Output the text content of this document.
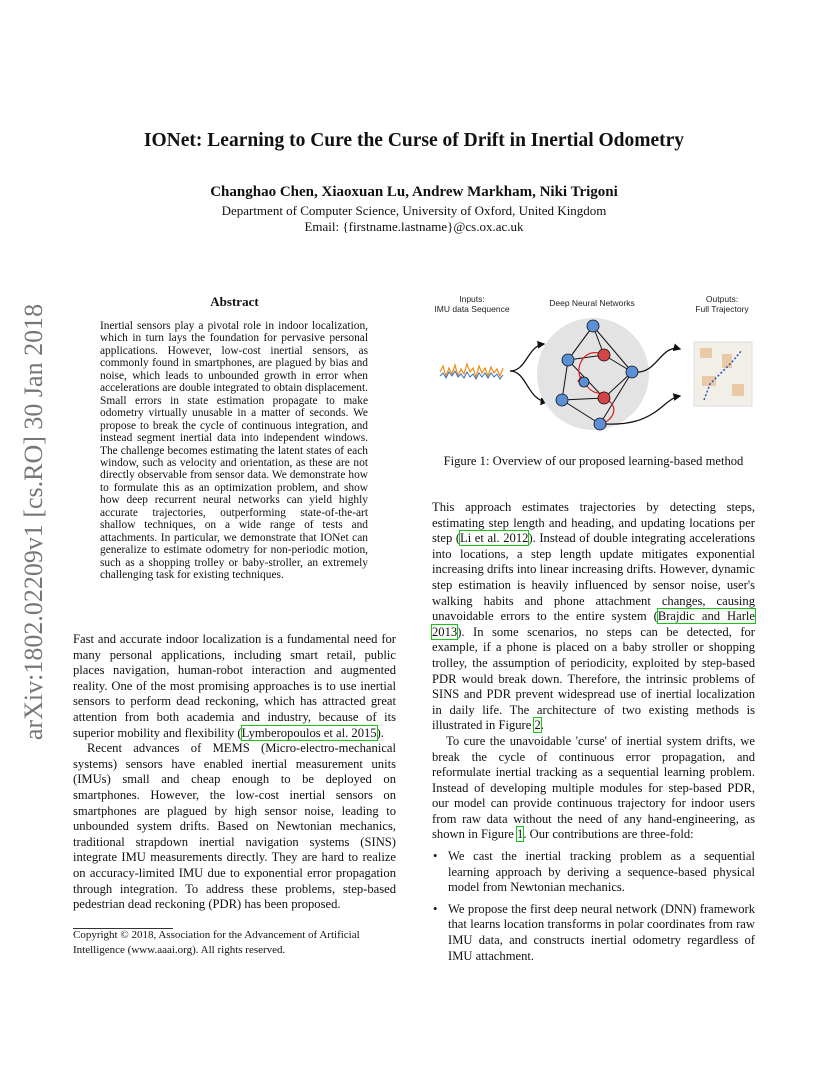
IONet: Learning to Cure the Curse of Drift in Inertial Odometry
Changhao Chen, Xiaoxuan Lu, Andrew Markham, Niki Trigoni
Department of Computer Science, University of Oxford, United Kingdom
Email: {firstname.lastname}@cs.ox.ac.uk
arXiv:1802.02209v1 [cs.RO] 30 Jan 2018
Abstract
Inertial sensors play a pivotal role in indoor localization, which in turn lays the foundation for pervasive personal applications. However, low-cost inertial sensors, as commonly found in smartphones, are plagued by bias and noise, which leads to unbounded growth in error when accelerations are double integrated to obtain displacement. Small errors in state estimation propagate to make odometry virtually unusable in a matter of seconds. We propose to break the cycle of continuous integration, and instead segment inertial data into independent windows. The challenge becomes estimating the latent states of each window, such as velocity and orientation, as these are not directly observable from sensor data. We demonstrate how to formulate this as an optimization problem, and show how deep recurrent neural networks can yield highly accurate trajectories, outperforming state-of-the-art shallow techniques, on a wide range of tests and attachments. In particular, we demonstrate that IONet can generalize to estimate odometry for non-periodic motion, such as a shopping trolley or baby-stroller, an extremely challenging task for existing techniques.

Fast and accurate indoor localization is a fundamental need for many personal applications, including smart retail, public places navigation, human-robot interaction and augmented reality. One of the most promising approaches is to use inertial sensors to perform dead reckoning, which has attracted great attention from both academia and industry, because of its superior mobility and flexibility (Lymberopoulos et al. 2015).

Recent advances of MEMS (Micro-electro-mechanical systems) sensors have enabled inertial measurement units (IMUs) small and cheap enough to be deployed on smartphones. However, the low-cost inertial sensors on smartphones are plagued by high sensor noise, leading to unbounded system drifts. Based on Newtonian mechanics, traditional strapdown inertial navigation systems (SINS) integrate IMU measurements directly. They are hard to realize on accuracy-limited IMU due to exponential error propagation through integration. To address these problems, step-based pedestrian dead reckoning (PDR) has been proposed.

Copyright © 2018, Association for the Advancement of Artificial Intelligence (www.aaai.org). All rights reserved.
Inputs:
IMU data Sequence
Deep Neural Networks	Outputs:
Full Trajectory
Figure 1: Overview of our proposed learning-based method

This approach estimates trajectories by detecting steps, estimating step length and heading, and updating locations per step (Li et al. 2012). Instead of double integrating accelerations into locations, a step length update mitigates exponential increasing drifts into linear increasing drifts. However, dynamic step estimation is heavily influenced by sensor noise, user's walking habits and phone attachment changes, causing unavoidable errors to the entire system (Brajdic and Harle 2013). In some scenarios, no steps can be detected, for example, if a phone is placed on a baby stroller or shopping trolley, the assumption of periodicity, exploited by step-based PDR would break down. Therefore, the intrinsic problems of SINS and PDR prevent widespread use of inertial localization in daily life. The architecture of two existing methods is illustrated in Figure 2.

To cure the unavoidable 'curse' of inertial system drifts, we break the cycle of continuous error propagation, and reformulate inertial tracking as a sequential learning problem. Instead of developing multiple modules for step-based PDR, our model can provide continuous trajectory for indoor users from raw data without the need of any hand-engineering, as shown in Figure 1. Our contributions are three-fold:

• We cast the inertial tracking problem as a sequential learning approach by deriving a sequence-based physical model from Newtonian mechanics.
• We propose the first deep neural network (DNN) framework that learns location transforms in polar coordinates from raw IMU data, and constructs inertial odometry regardless of IMU attachment.
